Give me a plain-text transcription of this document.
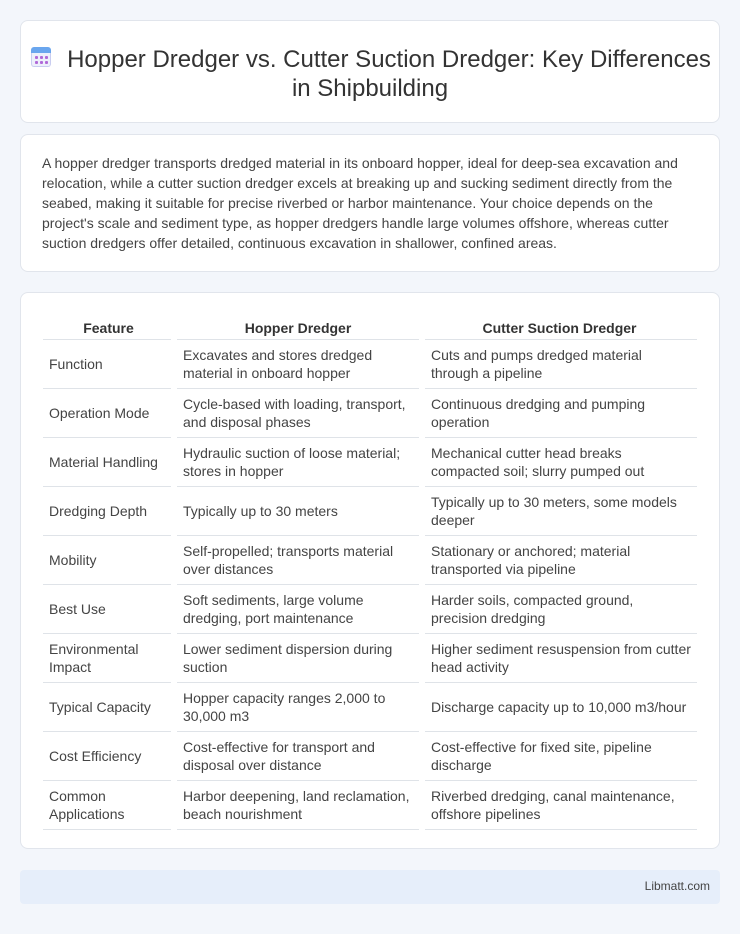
Hopper Dredger vs. Cutter Suction Dredger: Key Differences in Shipbuilding

A hopper dredger transports dredged material in its onboard hopper, ideal for deep-sea excavation and relocation, while a cutter suction dredger excels at breaking up and sucking sediment directly from the seabed, making it suitable for precise riverbed or harbor maintenance. Your choice depends on the project's scale and sediment type, as hopper dredgers handle large volumes offshore, whereas cutter suction dredgers offer detailed, continuous excavation in shallower, confined areas.

Feature	Hopper Dredger	Cutter Suction Dredger
Function	Excavates and stores dredged material in onboard hopper	Cuts and pumps dredged material through a pipeline
Operation Mode	Cycle-based with loading, transport, and disposal phases	Continuous dredging and pumping operation
Material Handling	Hydraulic suction of loose material; stores in hopper	Mechanical cutter head breaks compacted soil; slurry pumped out
Dredging Depth	Typically up to 30 meters	Typically up to 30 meters, some models deeper
Mobility	Self-propelled; transports material over distances	Stationary or anchored; material transported via pipeline
Best Use	Soft sediments, large volume dredging, port maintenance	Harder soils, compacted ground, precision dredging
Environmental Impact	Lower sediment dispersion during suction	Higher sediment resuspension from cutter head activity
Typical Capacity	Hopper capacity ranges 2,000 to 30,000 m3	Discharge capacity up to 10,000 m3/hour
Cost Efficiency	Cost-effective for transport and disposal over distance	Cost-effective for fixed site, pipeline discharge
Common Applications	Harbor deepening, land reclamation, beach nourishment	Riverbed dredging, canal maintenance, offshore pipelines
Libmatt.com
